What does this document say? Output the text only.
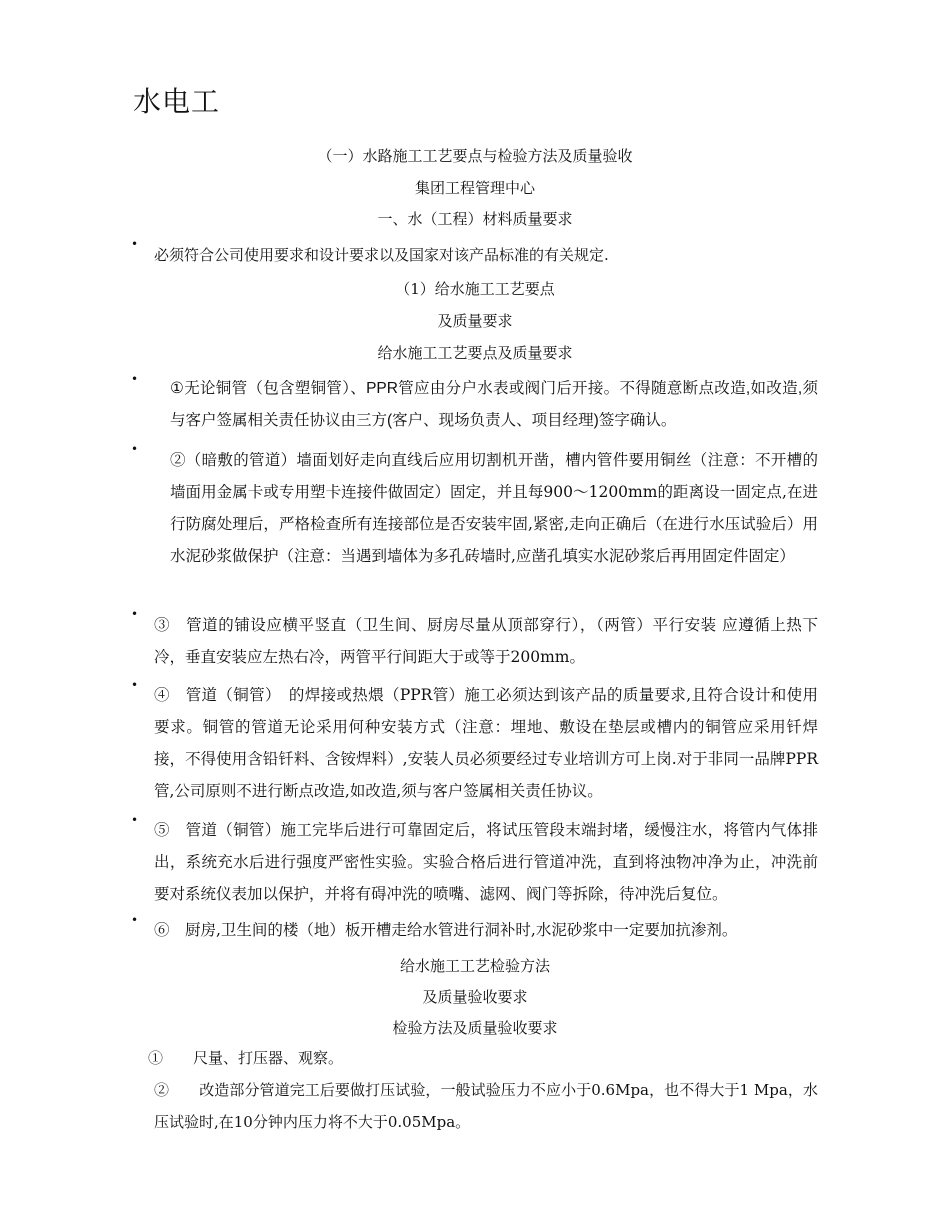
水电工
（一）水路施工工艺要点与检验方法及质量验收
集团工程管理中心
一、水（工程）材料质量要求
•
必须符合公司使用要求和设计要求以及国家对该产品标准的有关规定.
（1）给水施工工艺要点
及质量要求
给水施工工艺要点及质量要求
•
①无论铜管（包含塑铜管）、PPR管应由分户水表或阀门后开接。不得随意断点改造,如改造,须与客户签属相关责任协议由三方(客户、现场负责人、项目经理)签字确认。
•
②（暗敷的管道）墙面划好走向直线后应用切割机开凿，槽内管件要用铜丝（注意：不开槽的墙面用金属卡或专用塑卡连接件做固定）固定，并且每900～1200mm的距离设一固定点,在进行防腐处理后，严格检查所有连接部位是否安装牢固,紧密,走向正确后（在进行水压试验后）用水泥砂浆做保护（注意：当遇到墙体为多孔砖墙时,应凿孔填实水泥砂浆后再用固定件固定）
•
③　管道的铺设应横平竖直（卫生间、厨房尽量从顶部穿行），（两管）平行安装 应遵循上热下冷，垂直安装应左热右冷，两管平行间距大于或等于200mm。
•
④　管道（铜管）　的焊接或热煨（PPR管）施工必须达到该产品的质量要求,且符合设计和使用要求。铜管的管道无论采用何种安装方式（注意：埋地、敷设在垫层或槽内的铜管应采用钎焊接，不得使用含铅钎料、含铵焊料）,安装人员必须要经过专业培训方可上岗.对于非同一品牌PPR管,公司原则不进行断点改造,如改造,须与客户签属相关责任协议。
•
⑤　管道（铜管）施工完毕后进行可靠固定后，将试压管段末端封堵，缓慢注水，将管内气体排出，系统充水后进行强度严密性实验。实验合格后进行管道冲洗，直到将浊物冲净为止，冲洗前要对系统仪表加以保护，并将有碍冲洗的喷嘴、滤网、阀门等拆除，待冲洗后复位。
•
⑥　厨房,卫生间的楼（地）板开槽走给水管进行洞补时,水泥砂浆中一定要加抗渗剂。
给水施工工艺检验方法
及质量验收要求
检验方法及质量验收要求
①　　尺量、打压器、观察。
②　　改造部分管道完工后要做打压试验，一般试验压力不应小于0.6Mpa，也不得大于1 Mpa，水压试验时,在10分钟内压力将不大于0.05Mpa。
